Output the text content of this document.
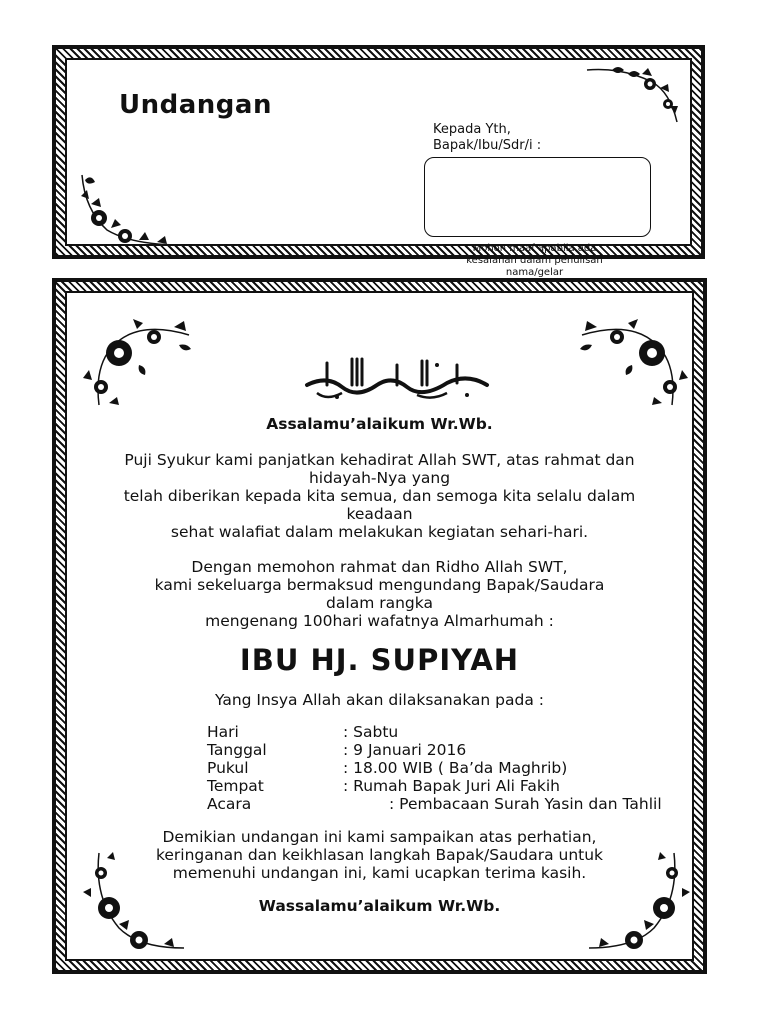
Undangan
Kepada Yth,
Bapak/Ibu/Sdr/i :
Mohon maaf apabila ada kesalahan dalam penulisan nama/gelar
Assalamu’alaikum Wr.Wb.
Puji Syukur kami panjatkan kehadirat Allah SWT, atas rahmat dan
hidayah-Nya yang
telah diberikan kepada kita semua, dan semoga kita selalu dalam
keadaan
sehat walafiat dalam melakukan kegiatan sehari-hari.
Dengan memohon rahmat dan Ridho Allah SWT,
kami sekeluarga bermaksud mengundang Bapak/Saudara
dalam rangka
mengenang 100hari wafatnya Almarhumah :
IBU HJ. SUPIYAH
Yang Insya Allah akan dilaksanakan pada :
Hari	: Sabtu
Tanggal	: 9 Januari 2016
Pukul	: 18.00 WIB ( Ba’da Maghrib)
Tempat	: Rumah Bapak Juri Ali Fakih
Acara	: Pembacaan Surah Yasin dan Tahlil
Demikian undangan ini kami sampaikan atas perhatian,
keringanan dan keikhlasan langkah Bapak/Saudara untuk
memenuhi undangan ini, kami ucapkan terima kasih.
Wassalamu’alaikum Wr.Wb.
